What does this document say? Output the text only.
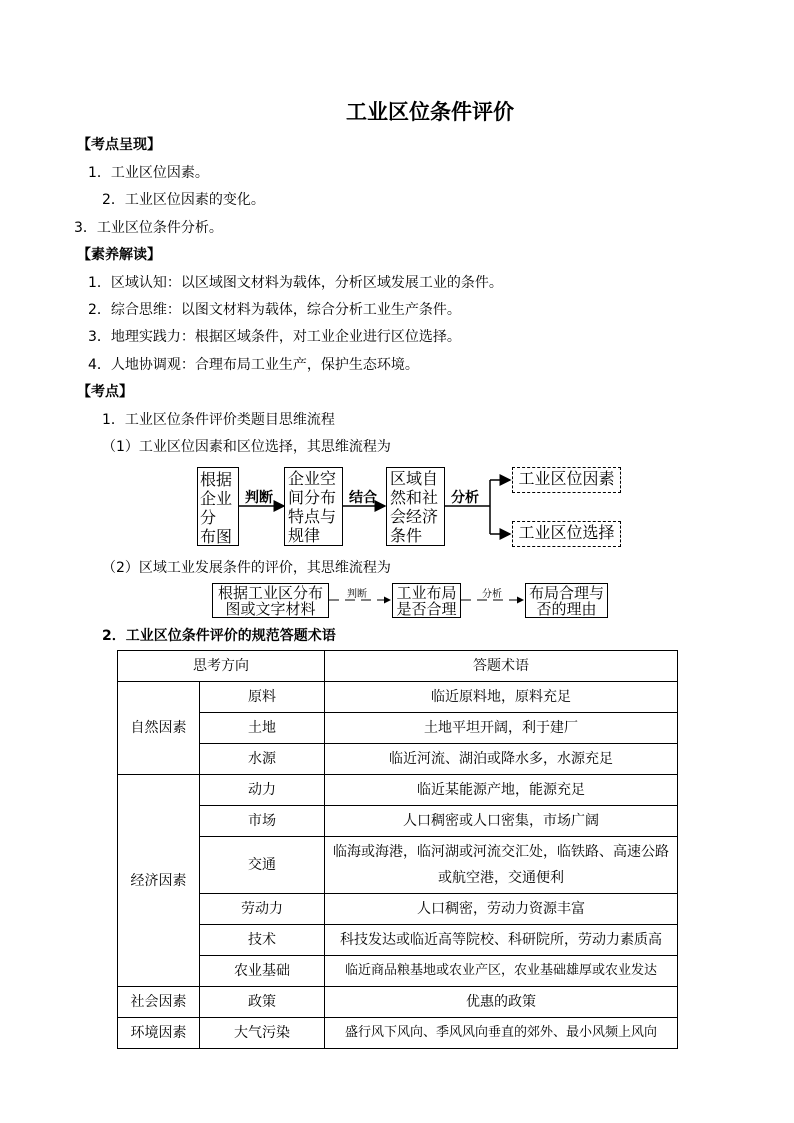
工业区位条件评价
【考点呈现】
1．工业区位因素。
2．工业区位因素的变化。
3．工业区位条件分析。
【素养解读】
1．区域认知：以区域图文材料为载体，分析区域发展工业的条件。
2．综合思维：以图文材料为载体，综合分析工业生产条件。
3．地理实践力：根据区域条件，对工业企业进行区位选择。
4．人地协调观：合理布局工业生产，保护生态环境。
【考点】
1．工业区位条件评价类题目思维流程
（1）工业区位因素和区位选择，其思维流程为
根据
企业分
布图
判断
企业空
间分布
特点与
规律
结合
区域自
然和社
会经济
条件
分析
工业区位因素
工业区位选择
（2）区域工业发展条件的评价，其思维流程为
根据工业区分布
图或文字材料
判断 工业布局
是否合理
分析 布局合理与
否的理由
2．工业区位条件评价的规范答题术语
思考方向		答题术语
自然因素	原料	临近原料地，原料充足
	土地	土地平坦开阔，利于建厂
	水源	临近河流、湖泊或降水多，水源充足
经济因素	动力	临近某能源产地，能源充足
	市场	人口稠密或人口密集，市场广阔
	交通	临海或海港，临河湖或河流交汇处，临铁路、高速公路或航空港，交通便利
	劳动力	人口稠密，劳动力资源丰富
	技术	科技发达或临近高等院校、科研院所，劳动力素质高
	农业基础	临近商品粮基地或农业产区，农业基础雄厚或农业发达
社会因素	政策	优惠的政策
环境因素	大气污染	盛行风下风向、季风风向垂直的郊外、最小风频上风向
